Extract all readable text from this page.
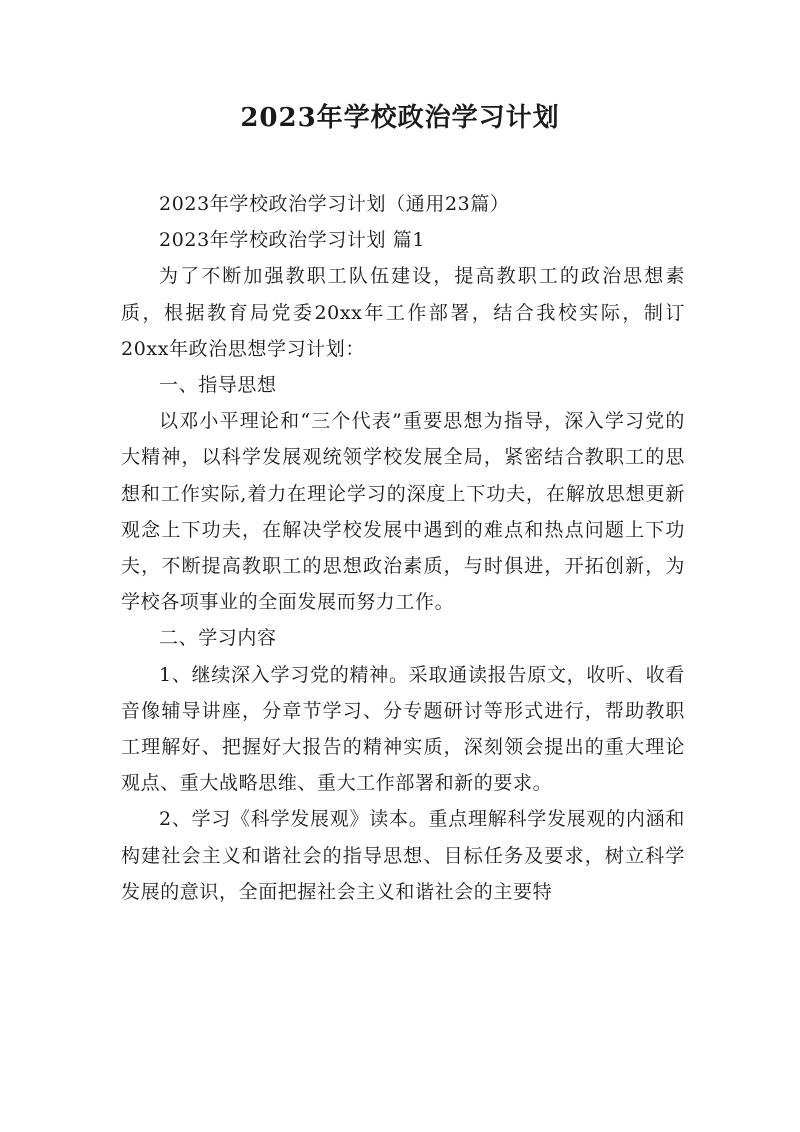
2023年学校政治学习计划

2023年学校政治学习计划（通用23篇）

2023年学校政治学习计划 篇1

为了不断加强教职工队伍建设，提高教职工的政治思想素质，根据教育局党委20xx年工作部署，结合我校实际，制订20xx年政治思想学习计划：

一、指导思想

以邓小平理论和“三个代表”重要思想为指导，深入学习党的大精神，以科学发展观统领学校发展全局，紧密结合教职工的思想和工作实际,着力在理论学习的深度上下功夫，在解放思想更新观念上下功夫，在解决学校发展中遇到的难点和热点问题上下功夫，不断提高教职工的思想政治素质，与时俱进，开拓创新，为学校各项事业的全面发展而努力工作。

二、学习内容

1、继续深入学习党的精神。采取通读报告原文，收听、收看音像辅导讲座，分章节学习、分专题研讨等形式进行，帮助教职工理解好、把握好大报告的精神实质，深刻领会提出的重大理论观点、重大战略思维、重大工作部署和新的要求。

2、学习《科学发展观》读本。重点理解科学发展观的内涵和构建社会主义和谐社会的指导思想、目标任务及要求，树立科学发展的意识，全面把握社会主义和谐社会的主要特
